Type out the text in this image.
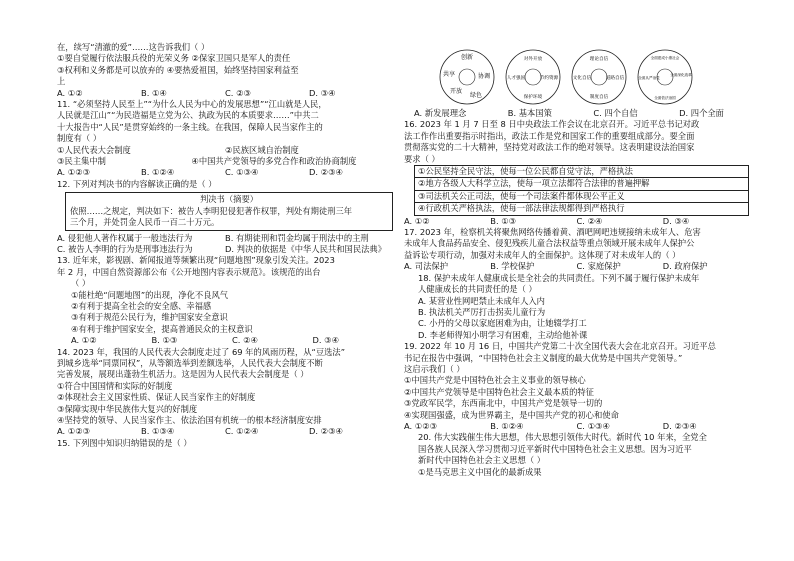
在，续写“清澈的爱”……这告诉我们（ ）
①要自觉履行依法服兵役的光荣义务 ②保家卫国只是军人的责任
③权利和义务都是可以放弃的 ④要热爱祖国，始终坚持国家利益至
上
A. ①②	B. ①④	C. ②③	D. ③④
11. “必须坚持人民至上”“为什么人民为中心的发展思想”“江山就是人民，
人民就是江山”“为民造福是立党为公、执政为民的本质要求……”中共二
十大报告中“人民”是贯穿始终的一条主线。在我国，保障人民当家作主的
制度有（ ）
①人民代表大会制度	②民族区域自治制度
③民主集中制	④中国共产党领导的多党合作和政治协商制度
A. ①②③	B. ①②④	C. ①③④	D. ②③④
12. 下列对判决书的内容解读正确的是（ ）
判决书（摘要）
依照……之规定，判决如下：被告人李明犯侵犯著作权罪，判处有期徒刑三年
三个月，并处罚金人民币一百二十万元。
A. 侵犯他人著作权属于一般违法行为	B. 有期徒刑和罚金均属于刑法中的主刑
C. 被告人李明的行为是刑事违法行为	D. 判决的依据是《中华人民共和国民法典》
13. 近年来，影视剧、新闻报道等频繁出现“问题地图”现象引发关注。2023
年 2 月，中国自然资源部公布《公开地图内容表示规范》。该规范的出台
（ ）
①能杜绝“问题地图”的出现，净化不良风气
②有利于提高全社会的安全感、幸福感
③有利于规范公民行为，维护国家安全意识
④有利于维护国家安全，提高普通民众的主权意识
A. ①②	B. ①③	C. ②④	D. ③④
14. 2023 年，我国的人民代表大会制度走过了 69 年的风雨历程，从“豆选法”
到城乡选举“同票同权”，从等额选举到差额选举，人民代表大会制度不断
完善发展，展现出蓬勃生机活力。这是因为人民代表大会制度是（ ）
①符合中国国情和实际的好制度
②体现社会主义国家性质、保证人民当家作主的好制度
③保障实现中华民族伟大复兴的好制度
④坚持党的领导、人民当家作主、依法治国有机统一的根本经济制度安排
A. ①②③	B. ①③④	C. ①②④	D. ②③④
15. 下列图中知识归纳错误的是（ ）
创新
协调
绿色
开放
共享
对外开放
节约资源
保护环境
人才强国
理论自信
文化自信
制度自信
道路自信
全面建成小康社会
全面深化改革
全面依法治国
全面从严治党
A. 新发展理念	B. 基本国策	C. 四个自信	D. 四个全面
16. 2023 年 1 月 7 日至 8 日中央政法工作会议在北京召开。习近平总书记对政
法工作作出重要指示时指出，政法工作是党和国家工作的重要组成部分。要全面
贯彻落实党的二十大精神，坚持党对政法工作的绝对领导。这表明建设法治国家
要求（ ）
①公民坚持全民守法，使每一位公民都自觉守法，严格执法
②地方各级人大科学立法，使每一项立法都符合法律的普遍押解
③司法机关公正司法，使每一个司法案件都体现公平正义
④行政机关严格执法，使每一部法律法规都得到严格执行
A. ①②	B. ①③	C. ②④	D. ③④
17. 2023 年，检察机关将聚焦网络传播着黄、酒吧网吧违规接纳未成年人、危害
未成年人食品药品安全、侵犯残疾儿童合法权益等重点领域开展未成年人保护公
益诉讼专项行动，加强对未成年人的全面保护。这体现了对未成年人的（ ）
A. 司法保护	B. 学校保护	C. 家庭保护	D. 政府保护
18. 保护未成年人健康成长是全社会的共同责任。下列不属于履行保护未成年
人健康成长的共同责任的是（ ）
A. 某营业性网吧禁止未成年人入内
B. 执法机关严厉打击拐卖儿童行为
C. 小丹的父母以家庭困难为由，让她辍学打工
D. 李老师得知小明学习有困难，主动给他补课
19. 2022 年 10 月 16 日，中国共产党第二十次全国代表大会在北京召开。习近平总
书记在报告中强调，“中国特色社会主义制度的最大优势是中国共产党领导。”
这启示我们（ ）
①中国共产党是中国特色社会主义事业的领导核心
②中国共产党领导是中国特色社会主义最本质的特征
③党政军民学，东西南北中，中国共产党是领导一切的
④实现国强盛，成为世界霸主，是中国共产党的初心和使命
A. ①②③	B. ①②④	C. ①③④	D. ②③④
20. 伟大实践催生伟大思想，伟大思想引领伟大时代。新时代 10 年来，全党全
国各族人民深入学习贯彻习近平新时代中国特色社会主义思想。因为习近平
新时代中国特色社会主义思想（ ）
①是马克思主义中国化的最新成果
